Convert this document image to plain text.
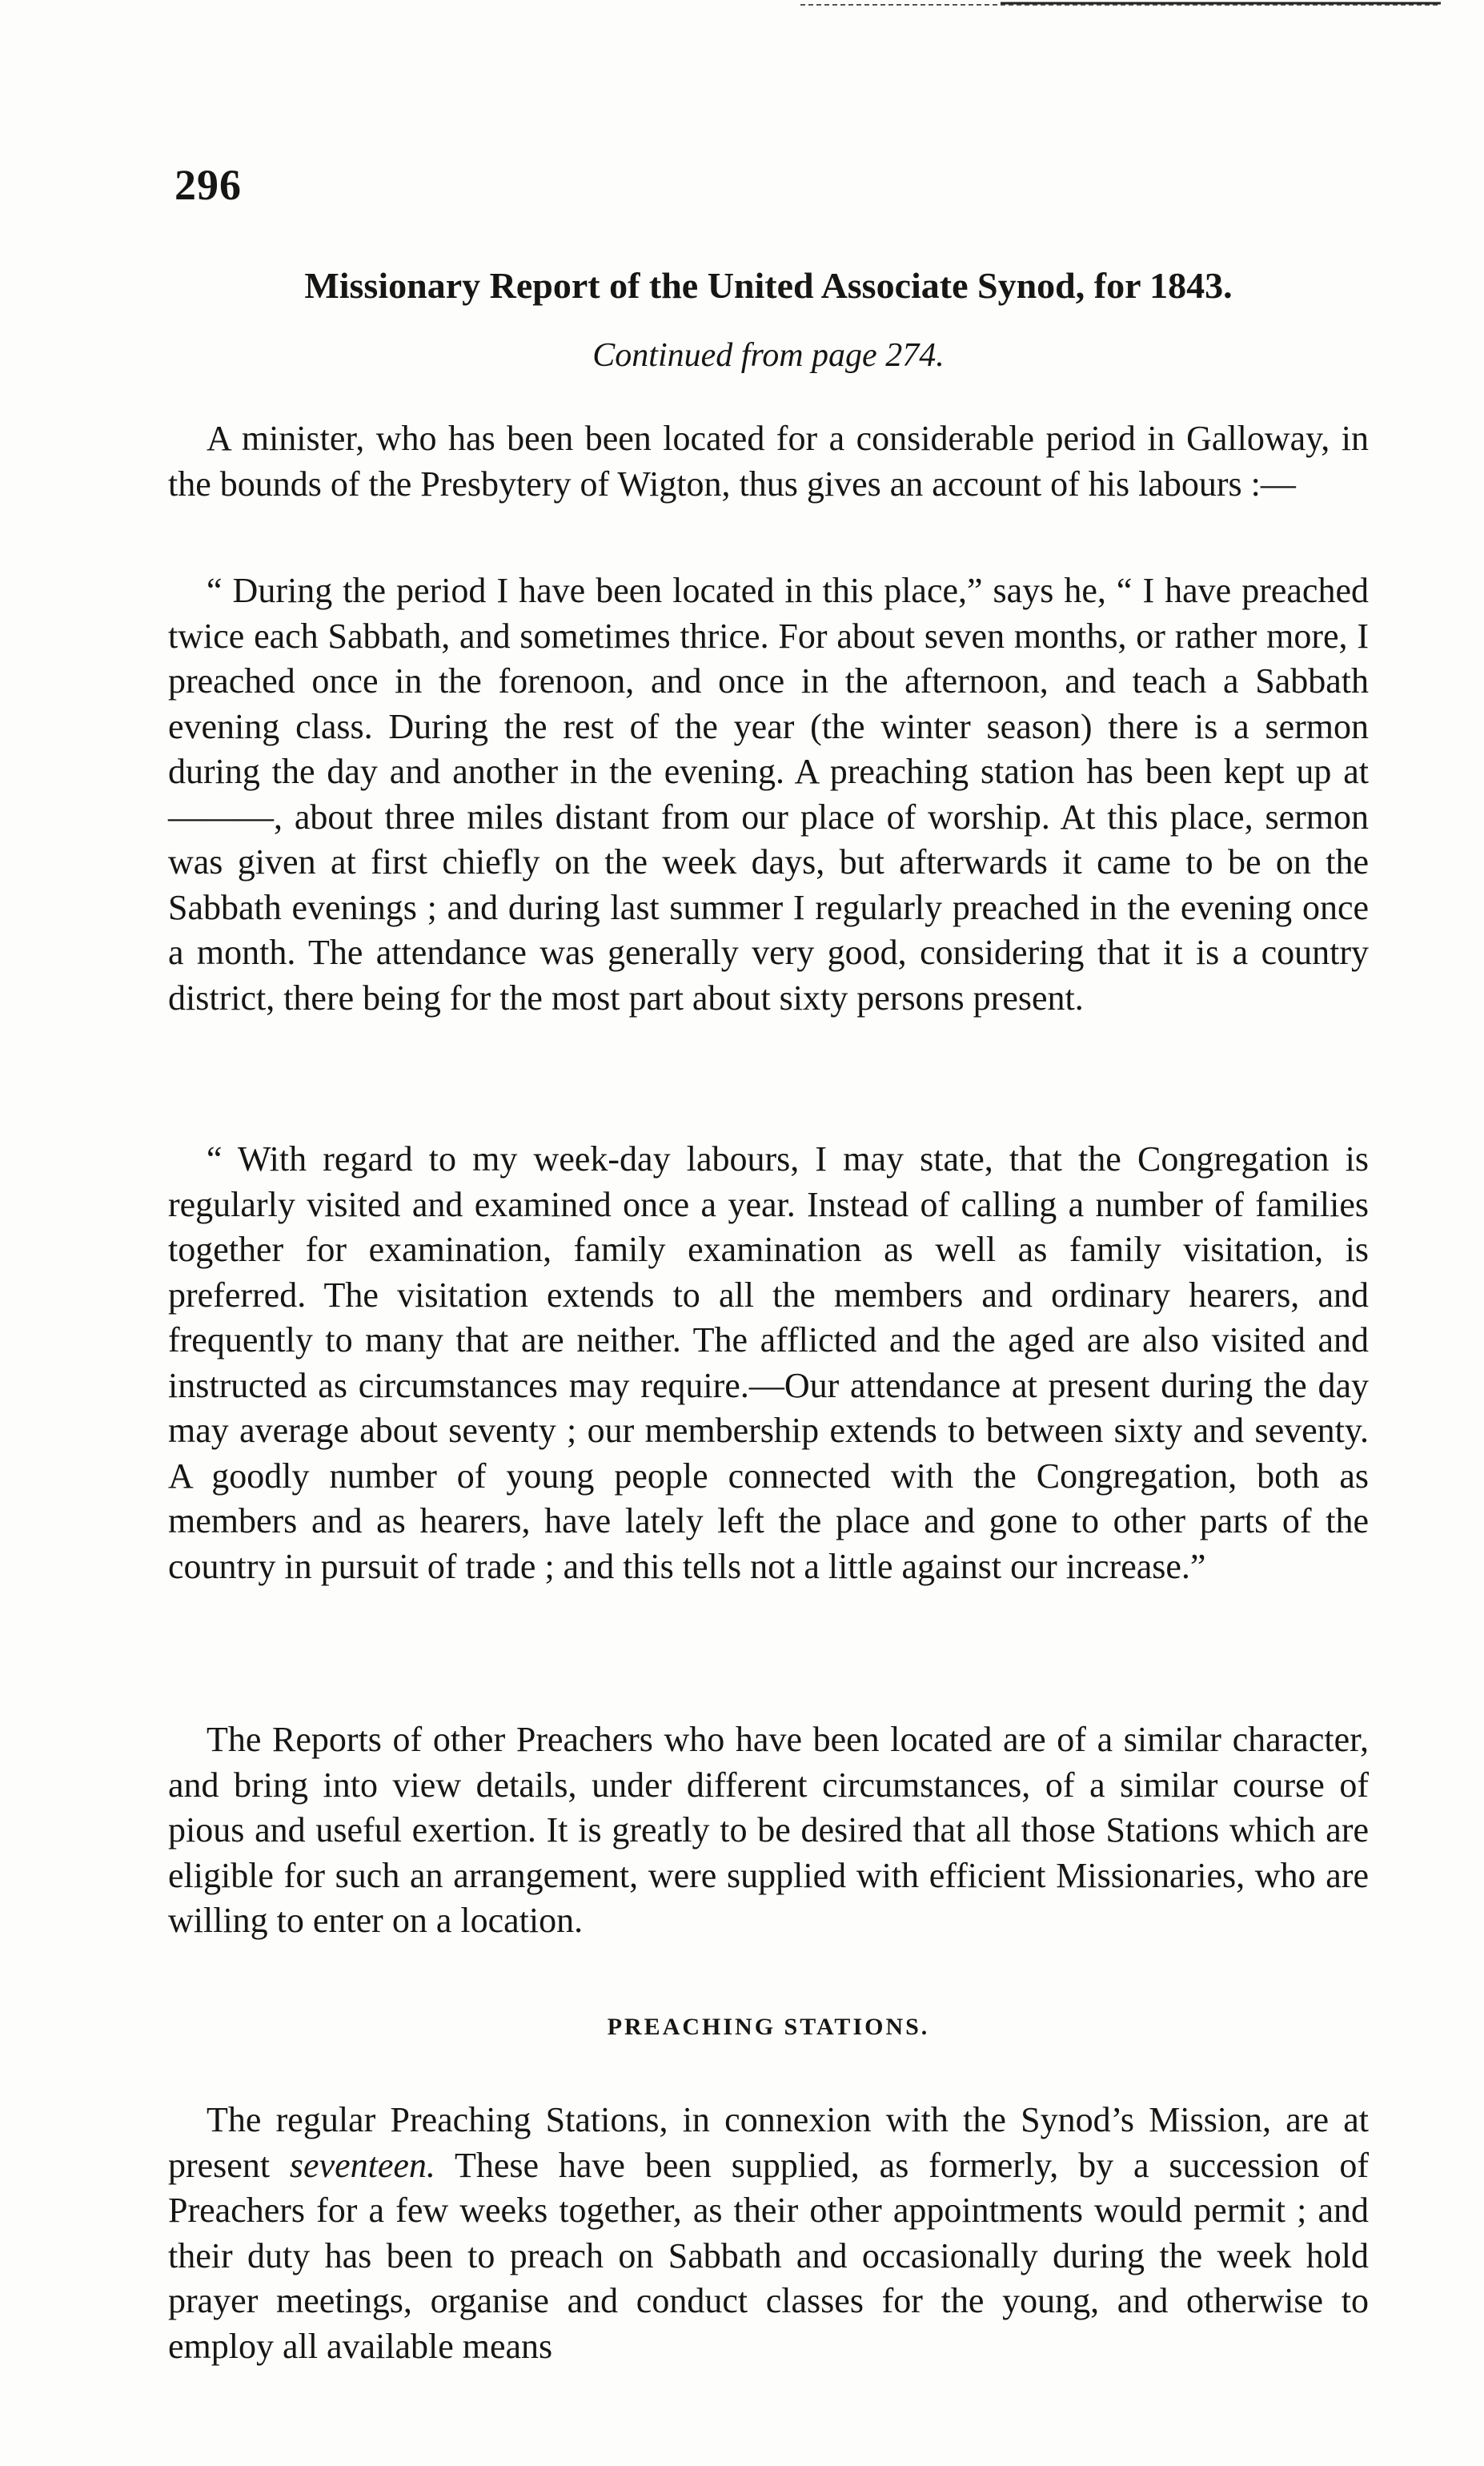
296
Missionary Report of the United Associate Synod, for 1843.
Continued from page 274.

A minister, who has been been located for a considerable period in Galloway, in the bounds of the Presbytery of Wigton, thus gives an account of his labours :—

“ During the period I have been located in this place,” says he, “ I have preached twice each Sabbath, and sometimes thrice. For about seven months, or rather more, I preached once in the forenoon, and once in the afternoon, and teach a Sabbath evening class. During the rest of the year (the winter season) there is a sermon during the day and another in the evening. A preaching station has been kept up at ———, about three miles distant from our place of worship. At this place, sermon was given at first chiefly on the week days, but afterwards it came to be on the Sabbath evenings ; and during last summer I regularly preached in the evening once a month. The attendance was generally very good, considering that it is a country district, there being for the most part about sixty persons present.

“ With regard to my week-day labours, I may state, that the Congregation is regularly visited and examined once a year. Instead of calling a number of families together for examination, family examination as well as family visitation, is preferred. The visitation extends to all the members and ordinary hearers, and frequently to many that are neither. The afflicted and the aged are also visited and instructed as circumstances may require.—Our attendance at present during the day may average about seventy ; our membership extends to between sixty and seventy. A goodly number of young people connected with the Congregation, both as members and as hearers, have lately left the place and gone to other parts of the country in pursuit of trade ; and this tells not a little against our increase.”

The Reports of other Preachers who have been located are of a similar character, and bring into view details, under different circumstances, of a similar course of pious and useful exertion. It is greatly to be desired that all those Stations which are eligible for such an arrangement, were supplied with efficient Missionaries, who are willing to enter on a location.

PREACHING STATIONS.

The regular Preaching Stations, in connexion with the Synod’s Mission, are at present seventeen. These have been supplied, as formerly, by a succession of Preachers for a few weeks together, as their other appointments would permit ; and their duty has been to preach on Sabbath and occasionally during the week hold prayer meetings, organise and conduct classes for the young, and otherwise to employ all available means
